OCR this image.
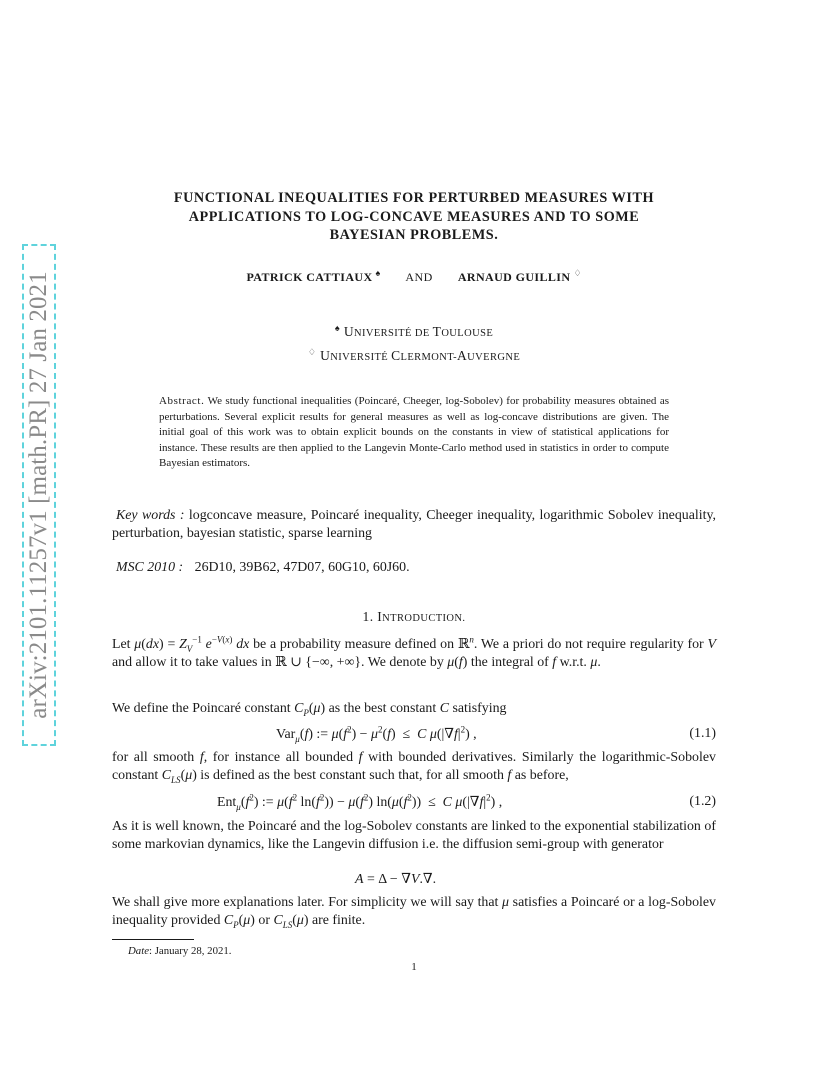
arXiv:2101.11257v1 [math.PR] 27 Jan 2021
FUNCTIONAL INEQUALITIES FOR PERTURBED MEASURES WITH
APPLICATIONS TO LOG-CONCAVE MEASURES AND TO SOME
BAYESIAN PROBLEMS.
PATRICK CATTIAUX ♠ AND ARNAUD GUILLIN ♢
♠ UNIVERSITÉ DE TOULOUSE
♢ UNIVERSITÉ CLERMONT-AUVERGNE
Abstract. We study functional inequalities (Poincaré, Cheeger, log-Sobolev) for probability measures obtained as perturbations. Several explicit results for general measures as well as log-concave distributions are given. The initial goal of this work was to obtain explicit bounds on the constants in view of statistical applications for instance. These results are then applied to the Langevin Monte-Carlo method used in statistics in order to compute Bayesian estimators.
Key words : logconcave measure, Poincaré inequality, Cheeger inequality, logarithmic Sobolev inequality, perturbation, bayesian statistic, sparse learning
MSC 2010 : 26D10, 39B62, 47D07, 60G10, 60J60.
1. INTRODUCTION.
Let $\mu(dx) = Z_V^{-1}$ $e^{-V(x)}$ dx be a probability measure defined on ℝ$^n$. We a priori do not require regularity for V and allow it to take values in ℝ ∪ {−∞, +∞}. We denote by μ(f) the integral of f w.r.t. μ.
We define the Poincaré constant $C_P(\mu)$ as the best constant C satisfying
Var$_\mu$(f) := $\mu(f^2) - \mu^2(f) \le C$ $\mu(|\nabla f|^2)$ ,	(1.1)
for all smooth f, for instance all bounded f with bounded derivatives. Similarly the logarithmic-Sobolev constant $C_{LS}(\mu)$ is defined as the best constant such that, for all smooth f as before,
$Ent_\mu(f^2)$ := $\mu(f^2$ $\ln(f^2)) - \mu(f^2)$ $\ln(\mu(f^2)) \le C$ $\mu(|\nabla f|^2)$ ,	(1.2)
As it is well known, the Poincaré and the log-Sobolev constants are linked to the exponential stabilization of some markovian dynamics, like the Langevin diffusion i.e. the diffusion semi-group with generator
A = Δ − ∇V.∇.
We shall give more explanations later. For simplicity we will say that μ satisfies a Poincaré or a log-Sobolev inequality provided $C_P(\mu)$ or $C_{LS}(\mu)$ are finite.
Date: January 28, 2021.
1
